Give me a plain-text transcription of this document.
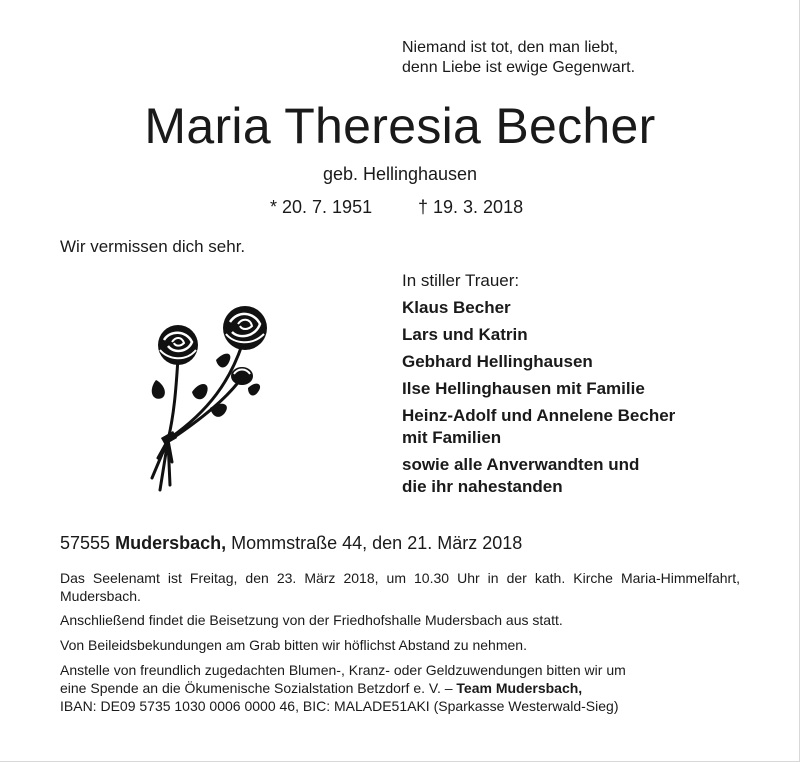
Niemand ist tot, den man liebt,
denn Liebe ist ewige Gegenwart.
Maria Theresia Becher
geb. Hellinghausen
* 20. 7. 1951	† 19. 3. 2018
Wir vermissen dich sehr.
In stiller Trauer:
Klaus Becher
Lars und Katrin
Gebhard Hellinghausen
Ilse Hellinghausen mit Familie
Heinz-Adolf und Annelene Becher
mit Familien
sowie alle Anverwandten und
die ihr nahestanden
57555 Mudersbach, Mommstraße 44, den 21. März 2018
Das Seelenamt ist Freitag, den 23. März 2018, um 10.30 Uhr in der kath. Kirche Maria-Himmelfahrt, Mudersbach.
Anschließend findet die Beisetzung von der Friedhofshalle Mudersbach aus statt.
Von Beileidsbekundungen am Grab bitten wir höflichst Abstand zu nehmen.
Anstelle von freundlich zugedachten Blumen-, Kranz- oder Geldzuwendungen bitten wir um
eine Spende an die Ökumenische Sozialstation Betzdorf e. V. – Team Mudersbach,
IBAN: DE09 5735 1030 0006 0000 46, BIC: MALADE51AKI (Sparkasse Westerwald-Sieg)
